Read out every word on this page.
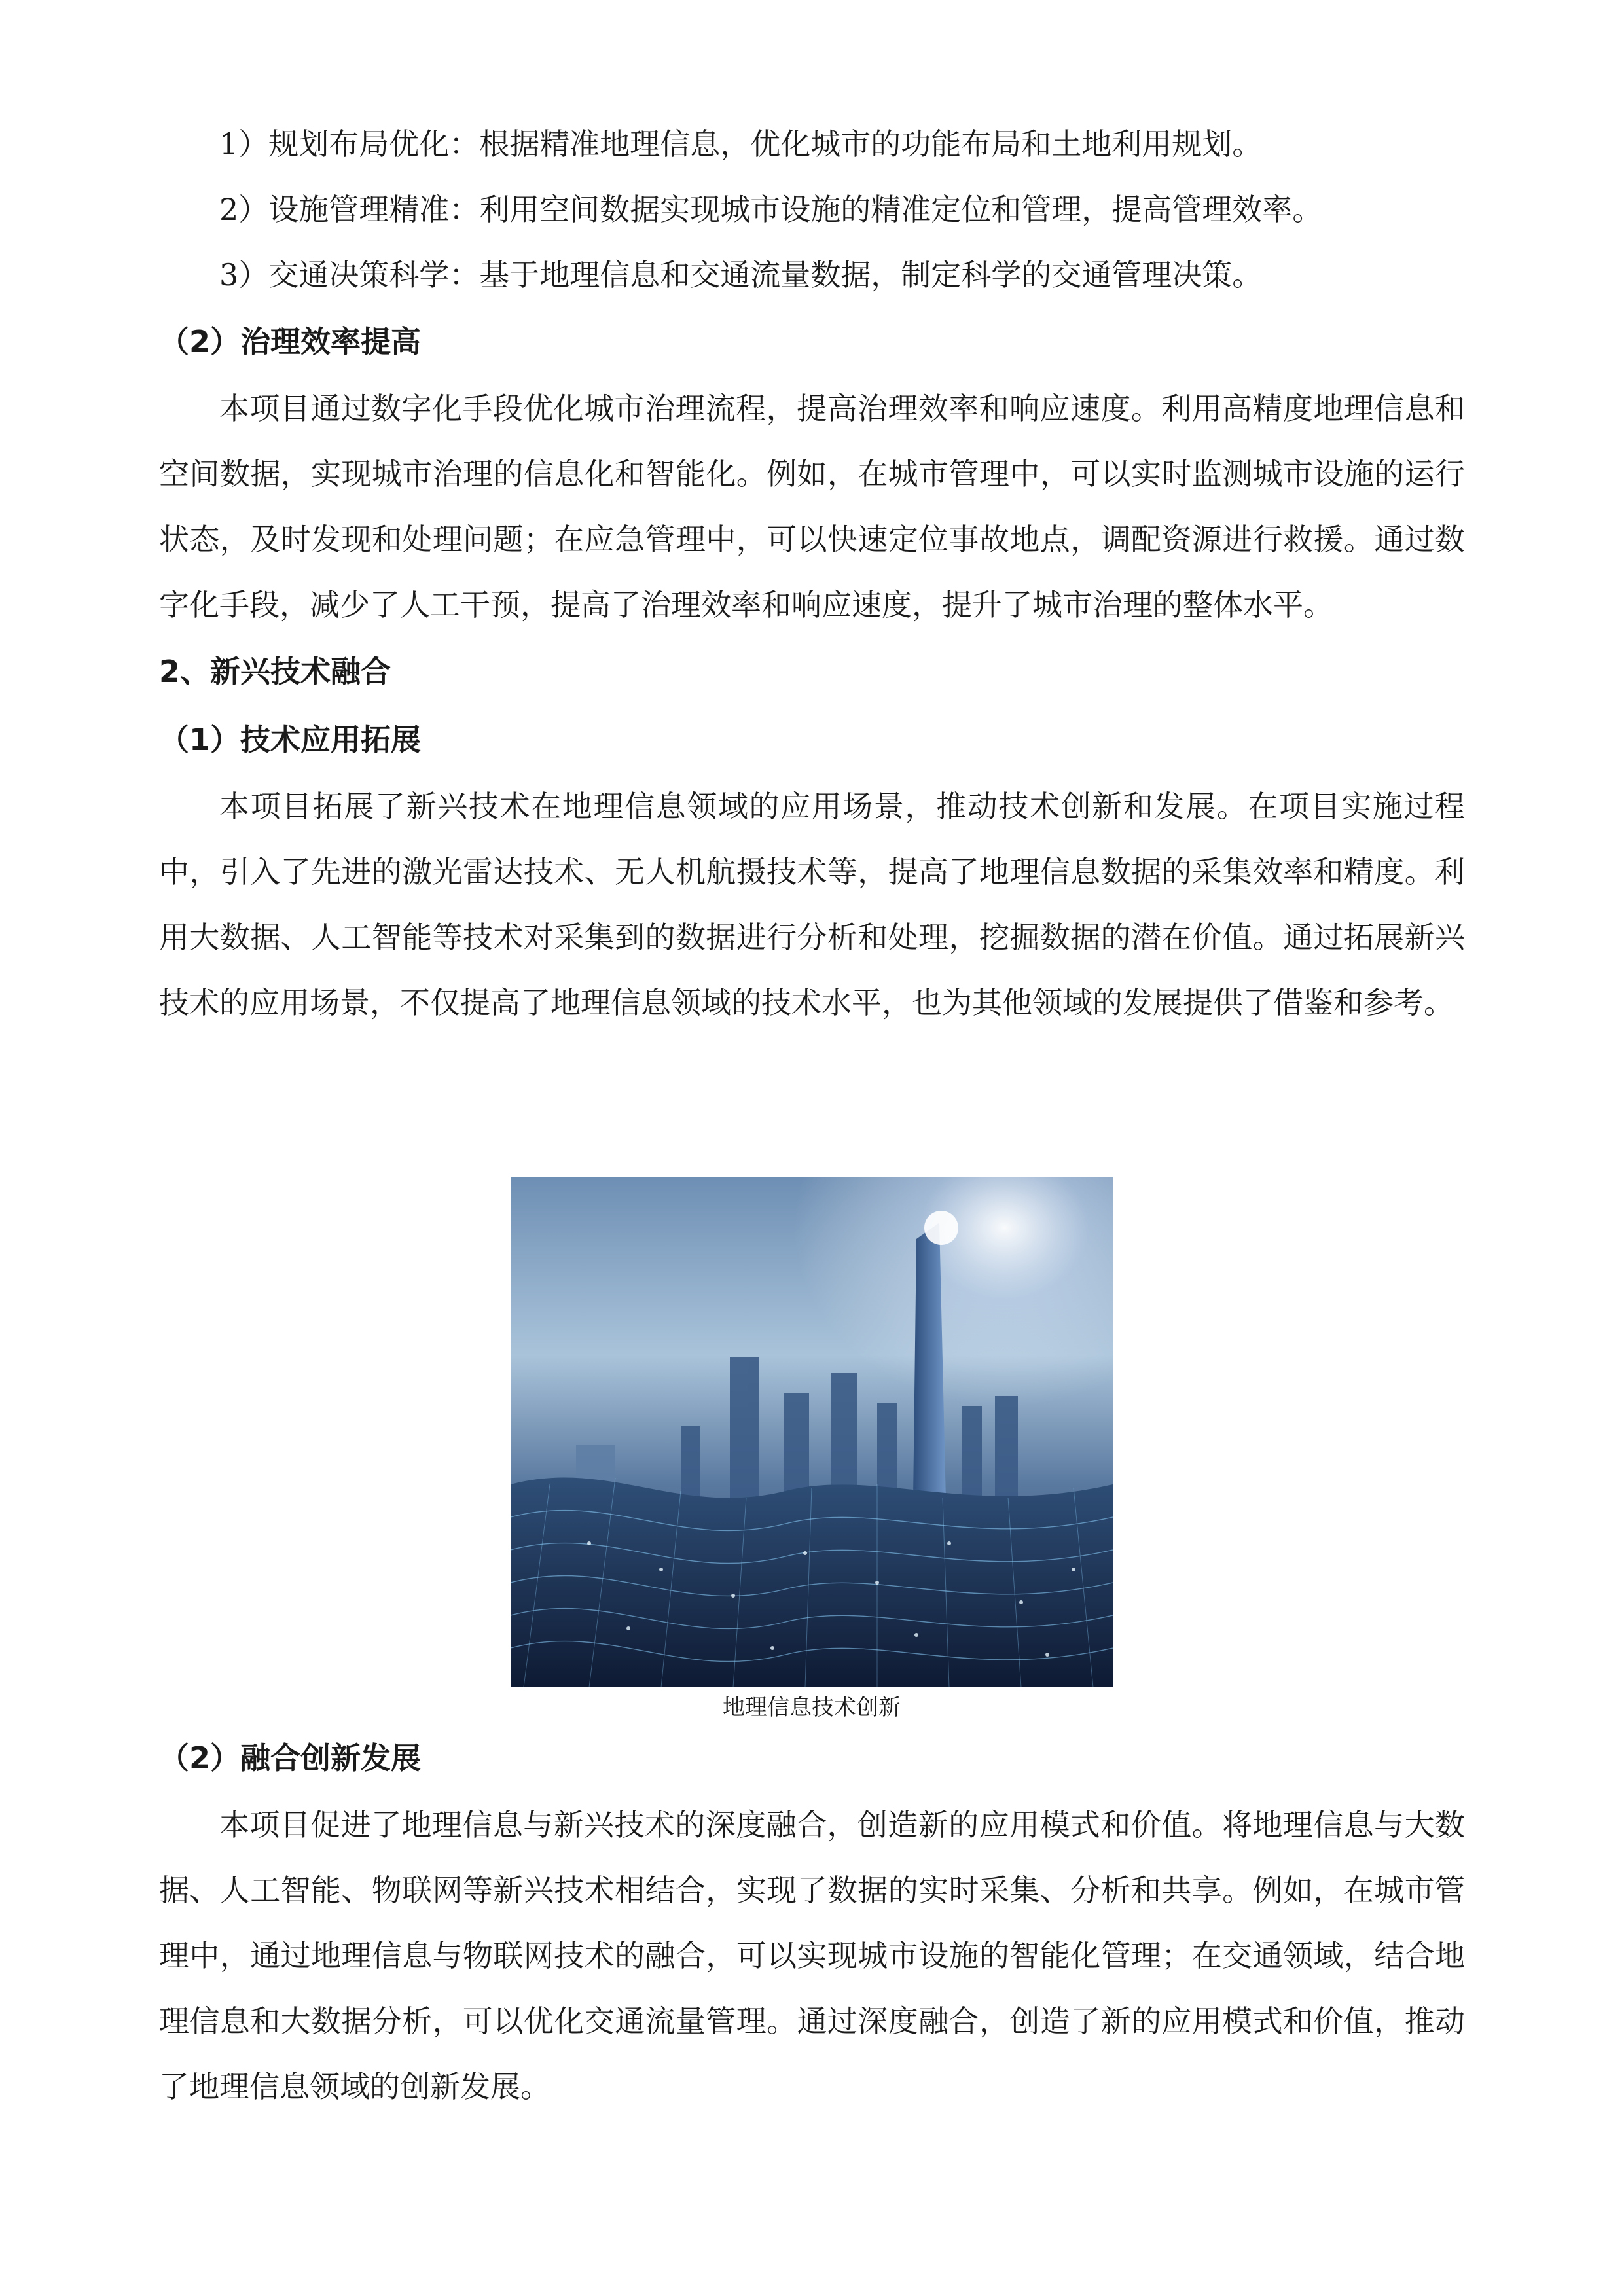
1）规划布局优化：根据精准地理信息，优化城市的功能布局和土地利用规划。

2）设施管理精准：利用空间数据实现城市设施的精准定位和管理，提高管理效率。

3）交通决策科学：基于地理信息和交通流量数据，制定科学的交通管理决策。

（2）治理效率提高

本项目通过数字化手段优化城市治理流程，提高治理效率和响应速度。利用高精度地理信息和空间数据，实现城市治理的信息化和智能化。例如，在城市管理中，可以实时监测城市设施的运行状态，及时发现和处理问题；在应急管理中，可以快速定位事故地点，调配资源进行救援。通过数字化手段，减少了人工干预，提高了治理效率和响应速度，提升了城市治理的整体水平。

2、新兴技术融合
（1）技术应用拓展

本项目拓展了新兴技术在地理信息领域的应用场景，推动技术创新和发展。在项目实施过程中，引入了先进的激光雷达技术、无人机航摄技术等，提高了地理信息数据的采集效率和精度。利用大数据、人工智能等技术对采集到的数据进行分析和处理，挖掘数据的潜在价值。通过拓展新兴技术的应用场景，不仅提高了地理信息领域的技术水平，也为其他领域的发展提供了借鉴和参考。

地理信息技术创新
（2）融合创新发展

本项目促进了地理信息与新兴技术的深度融合，创造新的应用模式和价值。将地理信息与大数据、人工智能、物联网等新兴技术相结合，实现了数据的实时采集、分析和共享。例如，在城市管理中，通过地理信息与物联网技术的融合，可以实现城市设施的智能化管理；在交通领域，结合地理信息和大数据分析，可以优化交通流量管理。通过深度融合，创造了新的应用模式和价值，推动了地理信息领域的创新发展。
